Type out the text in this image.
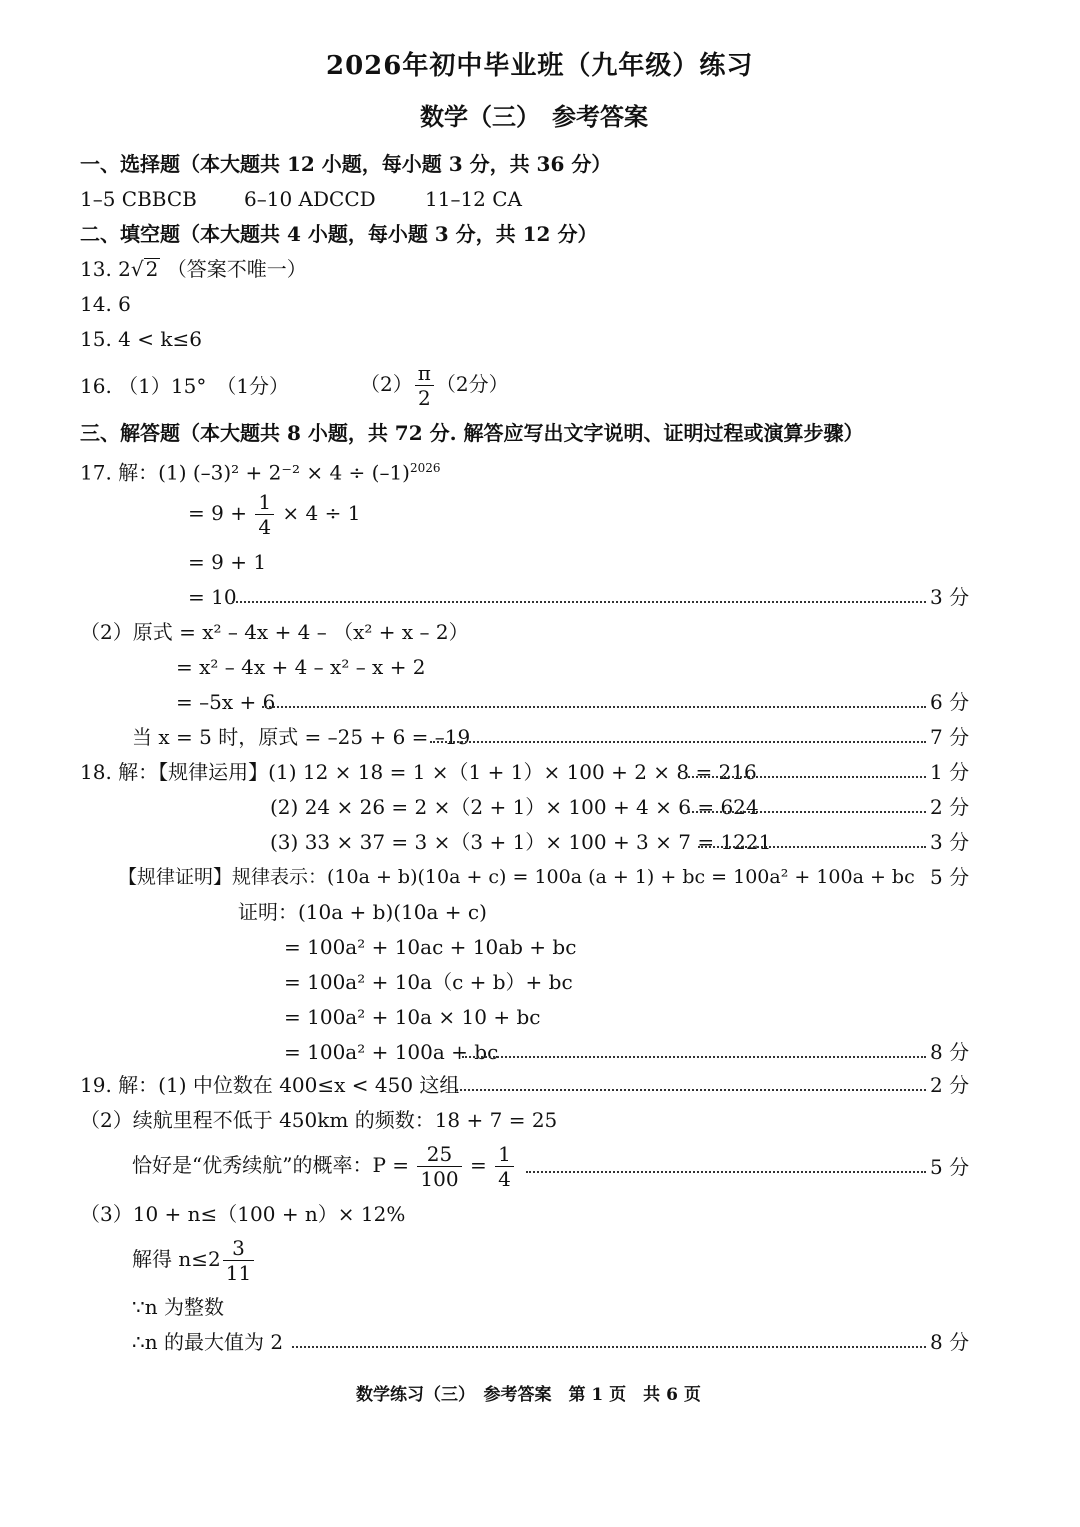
2026年初中毕业班（九年级）练习
数学（三）　参考答案
一、选择题（本大题共 12 小题，每小题 3 分，共 36 分）
1–5 CBBCB 6–10 ADCCD 11–12 CA
二、填空题（本大题共 4 小题，每小题 3 分，共 12 分）
13. 2√ 2 （答案不唯一）
14. 6
15. 4 < k≤6
16. （1）15°　（1分）	$(2) \frac{\pi}{2} (2$分）
三、解答题（本大题共 8 小题，共 72 分. 解答应写出文字说明、证明过程或演算步骤）
17. 解：(1) $(-3)^2 + 2^{-2} \times 4 \div (-1)^{2026}$
= $9 + \frac{1}{4} \times 4 \div 1$
= 9 + 1
= 10	3 分
（2）原式 = x² – 4x + 4 – （x² + x – 2）
= x² – 4x + 4 – x² – x + 2
= –5x + 6	6 分
当 x = 5 时，原式 = –25 + 6 = –19	7 分
18. 解：【规律运用】(1) 12 × 18 = 1 ×（1 + 1）× 100 + 2 × 8 = 216	1 分
(2) 24 × 26 = 2 ×（2 + 1）× 100 + 4 × 6 = 624	2 分
(3) 33 × 37 = 3 ×（3 + 1）× 100 + 3 × 7 = 1221	3 分
【规律证明】规律表示：(10a + b)(10a + c) = 100a (a + 1) + bc = 100a² + 100a + bc 5 分
证明：(10a + b)(10a + c)
= 100a² + 10ac + 10ab + bc
= 100a² + 10a（c + b）+ bc
= 100a² + 10a × 10 + bc
= 100a² + 100a + bc	8 分
19. 解：(1) 中位数在 400≤x < 450 这组	2 分
（2）续航里程不低于 450km 的频数：18 + 7 = 25
恰好是“优秀续航”的概率：$P = \frac{25}{100} = \frac{1}{4}$	5 分
（3）10 + n≤（100 + n）× 12%
解得 $n\le 2 \frac{3}{11}$
∵n 为整数
∴n 的最大值为 2	8 分
数学练习（三）　参考答案　第 1 页　共 6 页
